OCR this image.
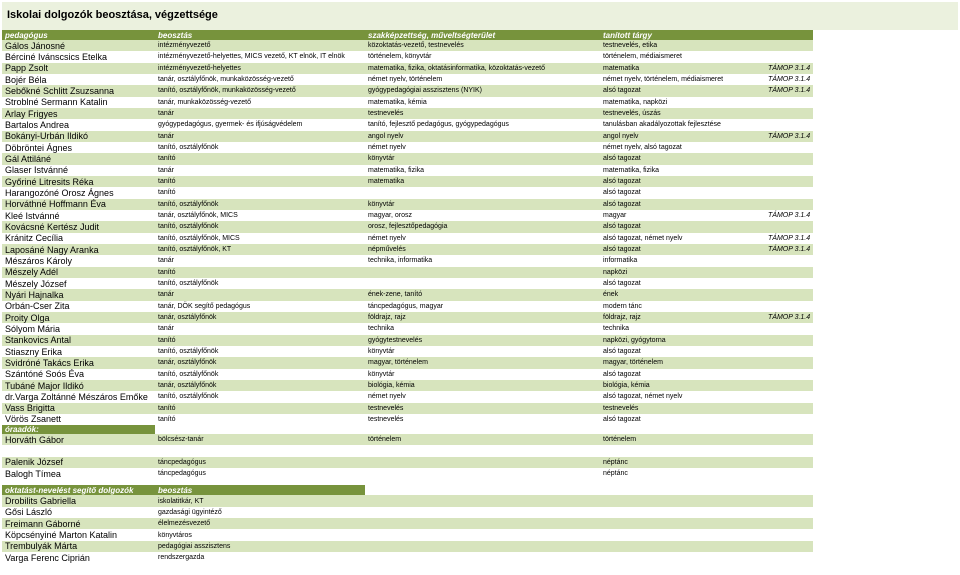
Iskolai dolgozók beosztása, végzettsége
pedagógus	beosztás	szakképzettség, műveltségterület	tanított tárgy		
Gálos Jánosné	intézményvezető	közoktatás-vezető, testnevelés	testnevelés, etika		
Bérciné Ivánscsics Etelka	intézményvezető-helyettes, MICS vezető, KT elnök, IT elnök	történelem, könyvtár	történelem, médiaismeret		
Papp Zsolt	intézményvezető-helyettes	matematika, fizika, oktatásinformatika, közoktatás-vezető	matematika	TÁMOP 3.1.4	
Bojér Béla	tanár, osztályfőnök, munkaközösség-vezető	német nyelv, történelem	német nyelv, történelem, médiaismeret	TÁMOP 3.1.4	
Sebőkné Schlitt Zsuzsanna	tanító, osztályfőnök, munkaközösség-vezető	gyógypedagógiai asszisztens (NYIK)	alsó tagozat	TÁMOP 3.1.4	
Strobl​né Sermann Katalin	tanár, munkaközösség-vezető	matematika, kémia	matematika, napközi		
Arlay Frigyes	tanár	testnevelés	testnevelés, úszás		
Bartalos Andrea	gyógypedagógus, gyermek- és ifjúságvédelem	tanító, fejlesztő pedagógus, gyógypedagógus	tanulásban akadályozottak fejlesztése		
Bokányi-Urbán Ildikó	tanár	angol nyelv	angol nyelv	TÁMOP 3.1.4	
Döbröntei Ágnes	tanító, osztályfőnök	német nyelv	német nyelv, alsó tagozat		
Gál Attiláné	tanító	könyvtár	alsó tagozat		
Glaser Istvánné	tanár	matematika, fizika	matematika, fizika		
Győriné Litresits Réka	tanító	matematika	alsó tagozat		
Harangozóné Orosz Ágnes	tanító		alsó tagozat		
Horváthné Hoffmann Éva	tanító, osztályfőnök	könyvtár	alsó tagozat		
Kleé Istvánné	tanár, osztályfőnök, MICS	magyar, orosz	magyar	TÁMOP 3.1.4	
Kovácsné Kertész Judit	tanító, osztályfőnök	orosz, fejlesztőpedagógia	alsó tagozat		
Kránitz Cecília	tanító, osztályfőnök, MICS	német nyelv	alsó tagozat, német nyelv	TÁMOP 3.1.4	
Laposáné Nagy Aranka	tanító, osztályfőnök, KT	népművelés	alsó tagozat	TÁMOP 3.1.4	
Mészáros Károly	tanár	technika, informatika	informatika		
Mészely Adél	tanító		napközi		
Mészely József	tanító, osztályfőnök		alsó tagozat		
Nyári Hajnalka	tanár	ének-zene, tanító	ének		
Orbán-Cser Zita	tanár, DÖK segítő pedagógus	táncpedagógus, magyar	modern tánc		
Proity Olga	tanár, osztályfőnök	földrajz, rajz	földrajz, rajz	TÁMOP 3.1.4	
Sólyom Mária	tanár	technika	technika		
Stankovics Antal	tanító	gyógytestnevelés	napközi, gyógytorna		
Stiaszny Erika	tanító, osztályfőnök	könyvtár	alsó tagozat		
Svidróné Takács Erika	tanár, osztályfőnök	magyar, történelem	magyar, történelem		
Szántóné Soós Éva	tanító, osztályfőnök	könyvtár	alsó tagozat		
Tubáné Major Ildikó	tanár, osztályfőnök	biológia, kémia	biológia, kémia		
dr.Varga Zoltánné Mészáros Emőke	tanító, osztályfőnök	német nyelv	alsó tagozat, német nyelv		
Vass Brigitta	tanító	testnevelés	testnevelés		
Vörös Zsanett	tanító	testnevelés	alsó tagozat		
óraadók:					
Horváth Gábor	bölcsész-tanár	történelem	történelem		

Palenik József	táncpedagógus		néptánc		
Balogh Tímea	táncpedagógus		néptánc		

oktatást-nevelést segítő dolgozók	beosztás				
Drobilits Gabriella	iskolatitkár, KT				
Gősi László	gazdasági ügyintéző				
Freimann Gáborné	élelmezésvezető				
Köpcsényiné Marton Katalin	könyvtáros				
Trembulyák Márta	pedagógiai asszisztens				
Varga Ferenc Ciprián	rendszergazda				
